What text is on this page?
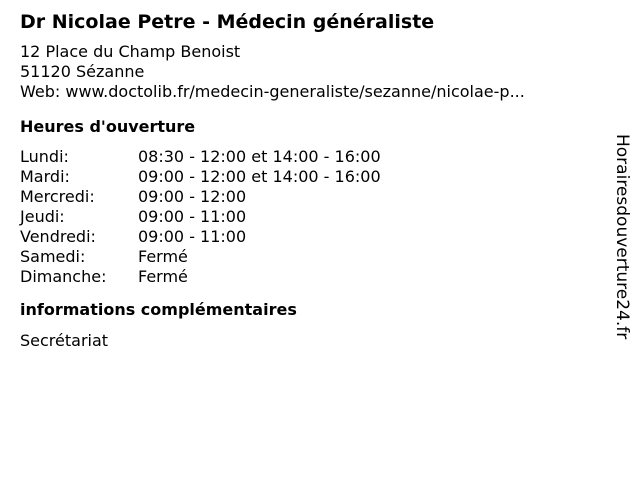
Dr Nicolae Petre - Médecin généraliste
12 Place du Champ Benoist
51120 Sézanne
Web: www.doctolib.fr/medecin-generaliste/sezanne/nicolae-p...
Heures d'ouverture
Lundi:	08:30 - 12:00 et 14:00 - 16:00
Mardi:	09:00 - 12:00 et 14:00 - 16:00
Mercredi:	09:00 - 12:00
Jeudi:	09:00 - 11:00
Vendredi:	09:00 - 11:00
Samedi:	Fermé
Dimanche:	Fermé
informations complémentaires
Secrétariat
Horairesdouverture24.fr
